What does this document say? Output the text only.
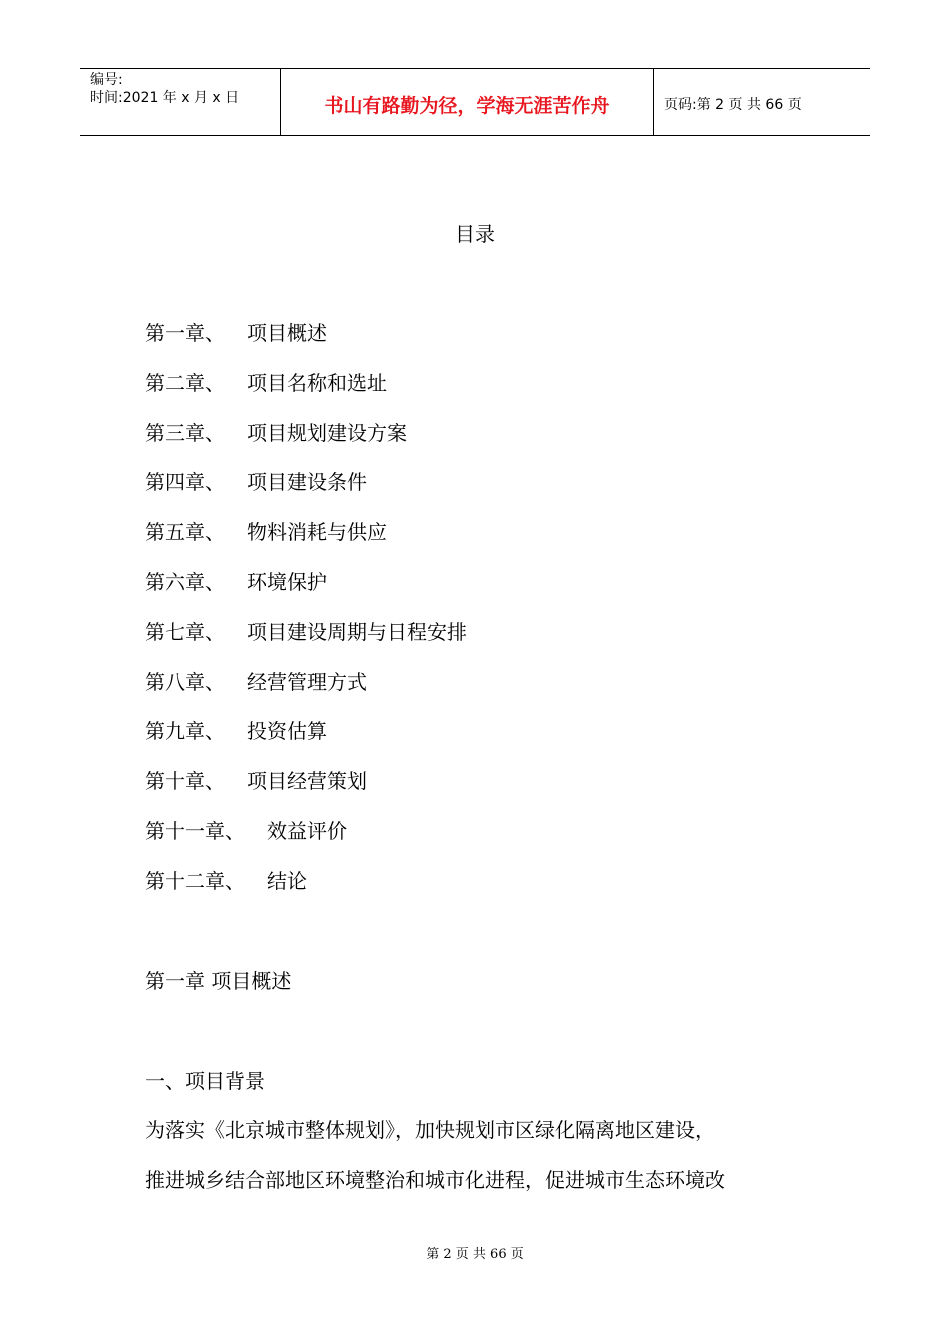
编号:
时间:2021 年 x 月 x 日	书山有路勤为径，学海无涯苦作舟	页码:第 2 页 共 66 页
目录
第一章、 项目概述
第二章、 项目名称和选址
第三章、 项目规划建设方案
第四章、 项目建设条件
第五章、 物料消耗与供应
第六章、 环境保护
第七章、 项目建设周期与日程安排
第八章、 经营管理方式
第九章、 投资估算
第十章、 项目经营策划
第十一章、 效益评价
第十二章、 结论
第一章 项目概述
一、项目背景
为落实《北京城市整体规划》，加快规划市区绿化隔离地区建设，
推进城乡结合部地区环境整治和城市化进程，促进城市生态环境改
第 2 页 共 66 页
